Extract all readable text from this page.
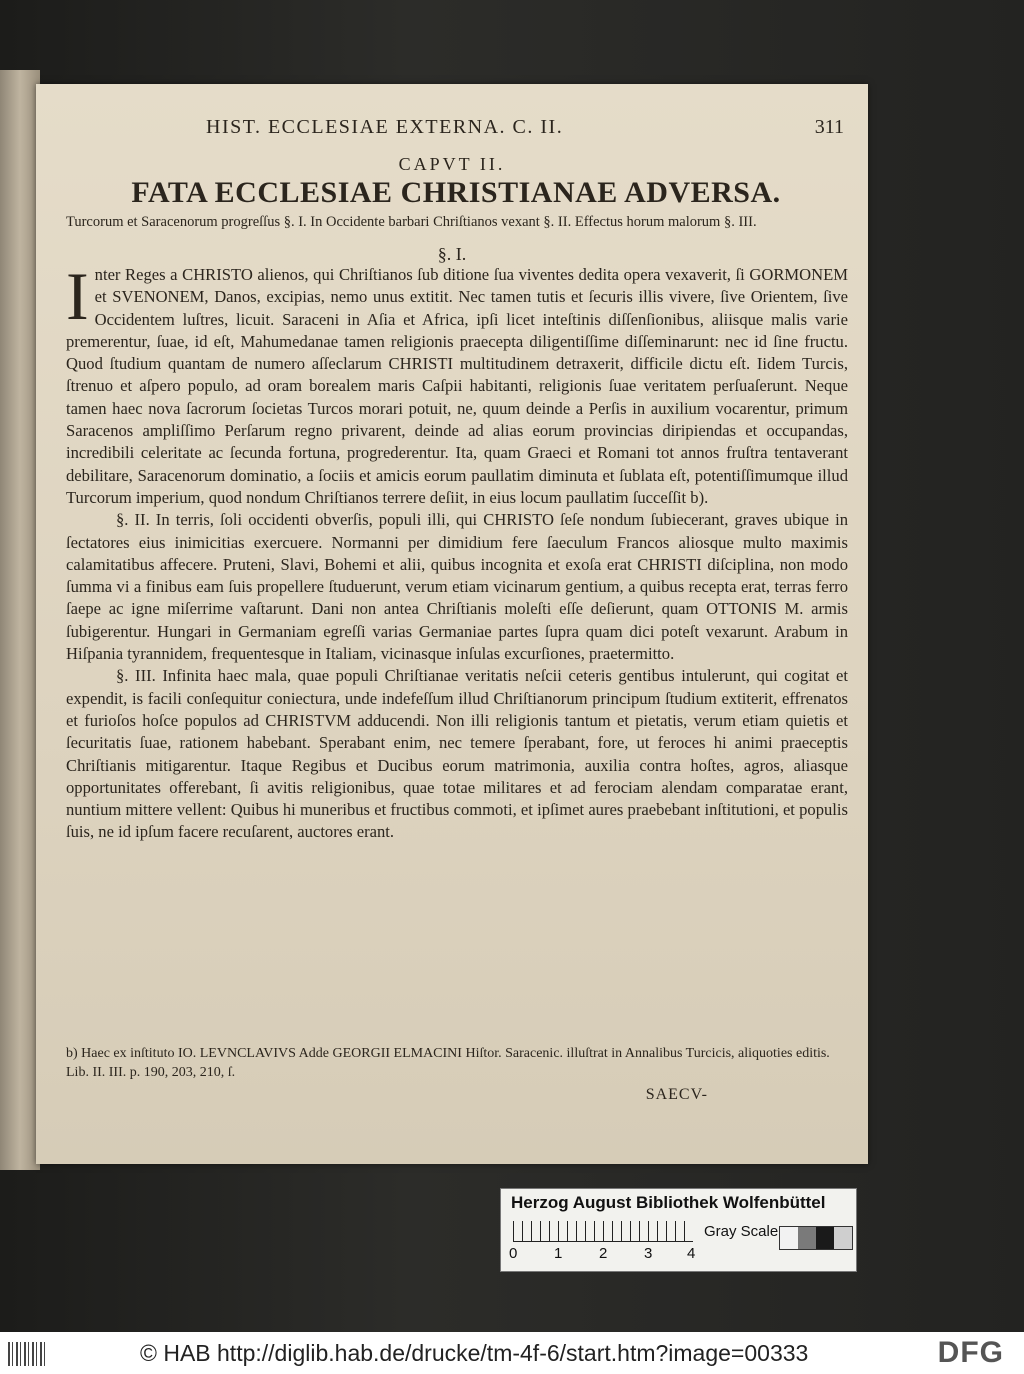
HIST. ECCLESIAE EXTERNA. C. II.	311
CAPVT II.
FATA ECCLESIAE CHRISTIANAE ADVERSA.
Turcorum et Saracenorum progreſſus §. I. In Occidente barbari Chriſtianos vexant §. II. Effectus horum malorum §. III.
§. I.

I nter Reges a CHRISTO alienos, qui Chriſtianos ſub ditione ſua viventes dedita opera vexaverit, ſi GORMONEM et SVENONEM, Danos, excipias, nemo unus extitit. Nec tamen tutis et ſecuris illis vivere, ſive Orientem, ſive Occidentem luſtres, licuit. Saraceni in Aſia et Africa, ipſi licet inteſtinis diſſenſionibus, aliisque malis varie premerentur, ſuae, id eſt, Mahumedanae tamen religionis praecepta diligentiſſime diſſeminarunt: nec id ſine fructu. Quod ſtudium quantam de numero aſſeclarum CHRISTI multitudinem detraxerit, difficile dictu eſt. Iidem Turcis, ſtrenuo et aſpero populo, ad oram borealem maris Caſpii habitanti, religionis ſuae veritatem perſuaſerunt. Neque tamen haec nova ſacrorum ſocietas Turcos morari potuit, ne, quum deinde a Perſis in auxilium vocarentur, primum Saracenos ampliſſimo Perſarum regno privarent, deinde ad alias eorum provincias diripiendas et occupandas, incredibili celeritate ac ſecunda fortuna, progrederentur. Ita, quam Graeci et Romani tot annos fruſtra tentaverant debilitare, Saracenorum dominatio, a ſociis et amicis eorum paullatim diminuta et ſublata eſt, potentiſſimumque illud Turcorum imperium, quod nondum Chriſtianos terrere deſiit, in eius locum paullatim ſucceſſit b).

§. II. In terris, ſoli occidenti obverſis, populi illi, qui CHRISTO ſeſe nondum ſubiecerant, graves ubique in ſectatores eius inimicitias exercuere. Normanni per dimidium fere ſaeculum Francos aliosque multo maximis calamitatibus affecere. Pruteni, Slavi, Bohemi et alii, quibus incognita et exoſa erat CHRISTI diſciplina, non modo ſumma vi a finibus eam ſuis propellere ſtuduerunt, verum etiam vicinarum gentium, a quibus recepta erat, terras ferro ſaepe ac igne miſerrime vaſtarunt. Dani non antea Chriſtianis moleſti eſſe deſierunt, quam OTTONIS M. armis ſubigerentur. Hungari in Germaniam egreſſi varias Germaniae partes ſupra quam dici poteſt vexarunt. Arabum in Hiſpania tyrannidem, frequentesque in Italiam, vicinasque inſulas excurſiones, praetermitto.

§. III. Infinita haec mala, quae populi Chriſtianae veritatis neſcii ceteris gentibus intulerunt, qui cogitat et expendit, is facili conſequitur coniectura, unde indefeſſum illud Chriſtianorum principum ſtudium extiterit, effrenatos et furioſos hoſce populos ad CHRISTVM adducendi. Non illi religionis tantum et pietatis, verum etiam quietis et ſecuritatis ſuae, rationem habebant. Sperabant enim, nec temere ſperabant, fore, ut feroces hi animi praeceptis Chriſtianis mitigarentur. Itaque Regibus et Ducibus eorum matrimonia, auxilia contra hoſtes, agros, aliasque opportunitates offerebant, ſi avitis religionibus, quae totae militares et ad ferociam alendam comparatae erant, nuntium mittere vellent: Quibus hi muneribus et fructibus commoti, et ipſimet aures praebebant inſtitutioni, et populis ſuis, ne id ipſum facere recuſarent, auctores erant.

b) Haec ex inſtituto IO. LEVNCLAVIVS Adde GEORGII ELMACINI Hiſtor. Saracenic. illuſtrat in Annalibus Turcicis, aliquoties editis. Lib. II. III. p. 190, 203, 210, ſ.
SAECV-
Herzog August Bibliothek Wolfenbüttel
0 1 2 3 4
Gray Scale
© HAB http://diglib.hab.de/drucke/tm-4f-6/start.htm?image=00333	DFG
